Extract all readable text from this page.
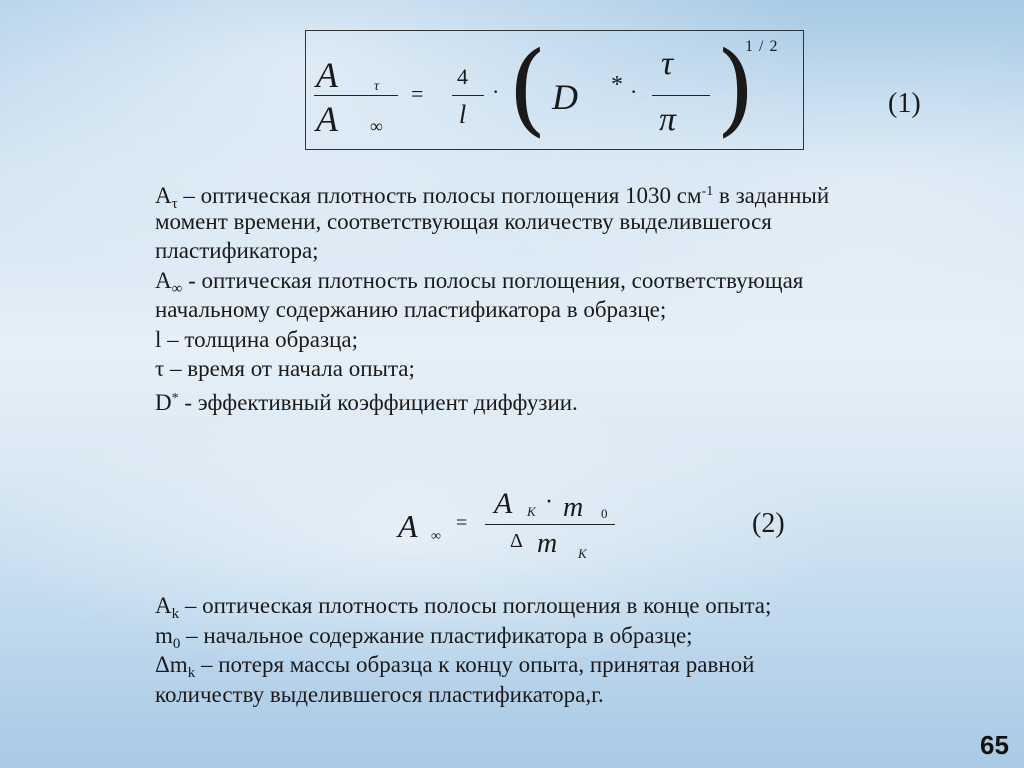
A	τ
A ∞
=
4
l
· ( D * ·
τ
π )
1 / 2
(1)
$A_\tau$ – оптическая плотность полосы поглощения 1030 $см^{-1}$ в заданный
момент времени, соответствующая количеству выделившегося
пластификатора;
$A_\infty$ - оптическая плотность полосы поглощения, соответствующая
начальному содержанию пластификатора в образце;
l – толщина образца;
τ – время от начала опыта;
D* - эффективный коэффициент диффузии.
A ∞
=
A K · m 0
Δ m K
(2)
$A_k$ – оптическая плотность полосы поглощения в конце опыта;
$m_0$ – начальное содержание пластификатора в образце;
$\Delta m_k$ – потеря массы образца к концу опыта, принятая равной
количеству выделившегося пластификатора,г.
65
